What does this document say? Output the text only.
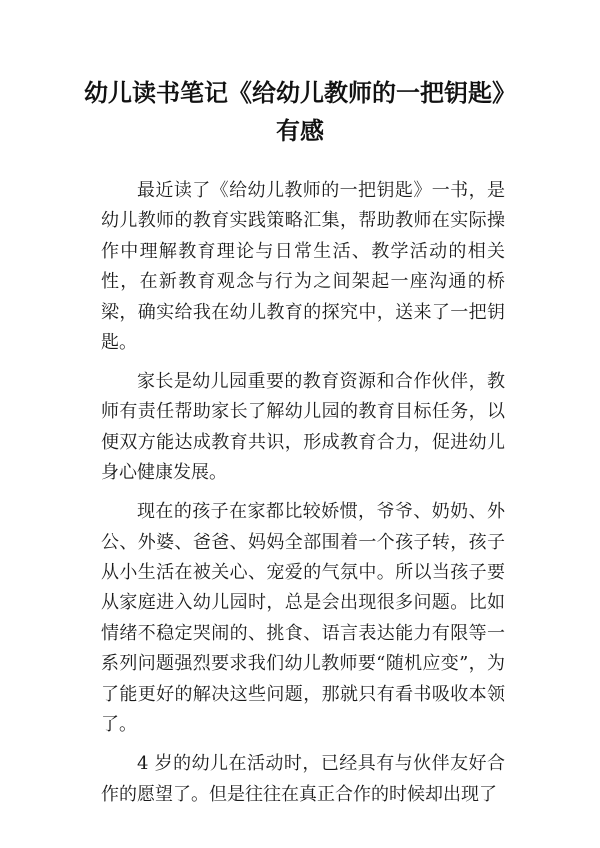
幼儿读书笔记《给幼儿教师的一把钥匙》有感

最近读了《给幼儿教师的一把钥匙》一书，是幼儿教师的教育实践策略汇集，帮助教师在实际操作中理解教育理论与日常生活、教学活动的相关性，在新教育观念与行为之间架起一座沟通的桥梁，确实给我在幼儿教育的探究中，送来了一把钥匙。

家长是幼儿园重要的教育资源和合作伙伴，教师有责任帮助家长了解幼儿园的教育目标任务，以便双方能达成教育共识，形成教育合力，促进幼儿身心健康发展。

现在的孩子在家都比较娇惯，爷爷、奶奶、外公、外婆、爸爸、妈妈全部围着一个孩子转，孩子从小生活在被关心、宠爱的气氛中。所以当孩子要从家庭进入幼儿园时，总是会出现很多问题。比如情绪不稳定哭闹的、挑食、语言表达能力有限等一系列问题强烈要求我们幼儿教师要“随机应变”，为了能更好的解决这些问题，那就只有看书吸收本领了。

4 岁的幼儿在活动时，已经具有与伙伴友好合作的愿望了。但是往往在真正合作的时候却出现了
